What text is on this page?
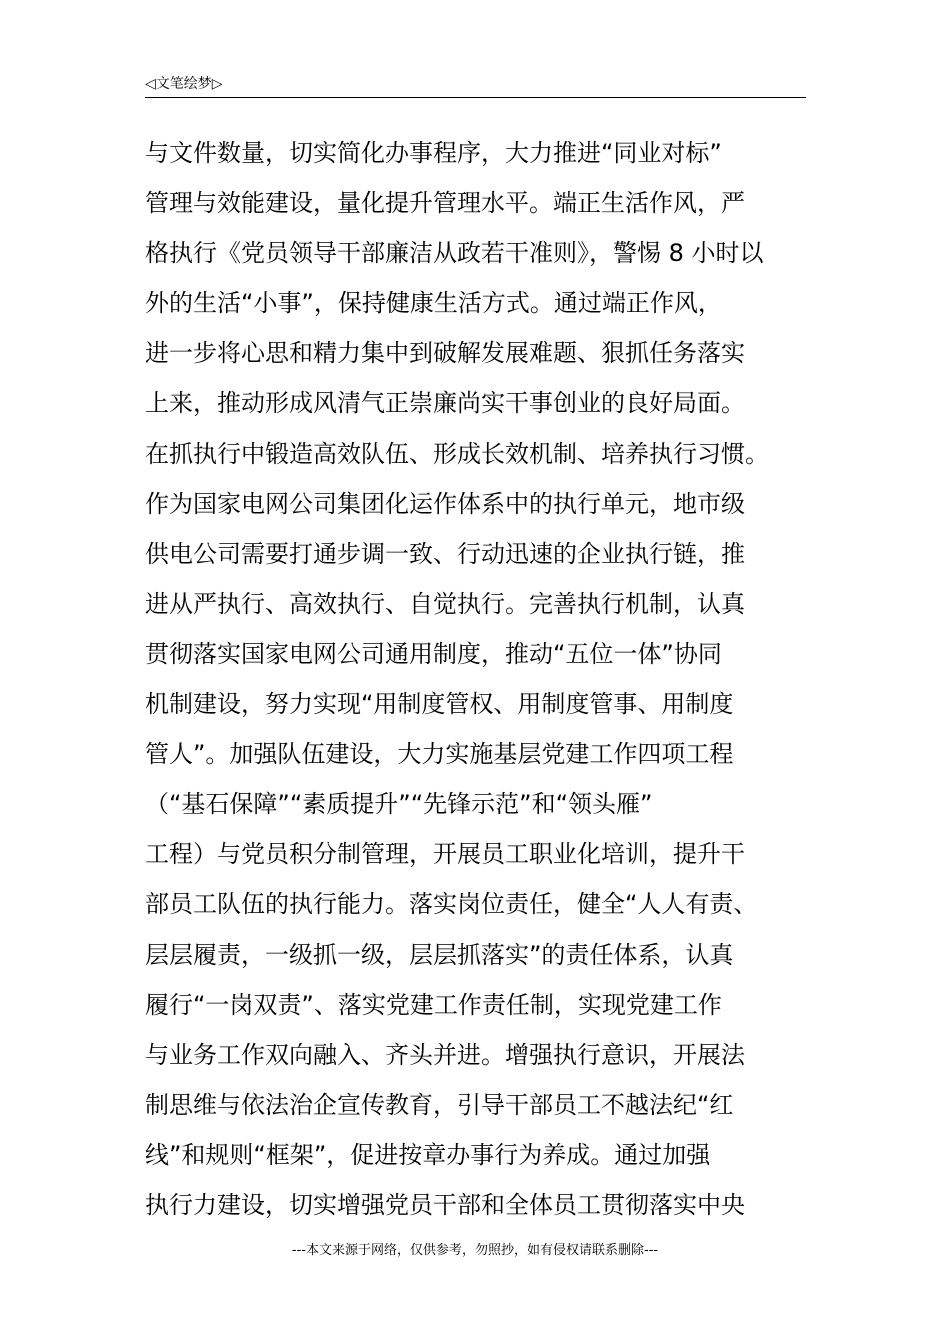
◁文笔绘梦▷
与文件数量，切实简化办事程序，大力推进“同业对标”
管理与效能建设，量化提升管理水平。端正生活作风，严
格执行《党员领导干部廉洁从政若干准则》，警惕 8 小时以
外的生活“小事”，保持健康生活方式。通过端正作风，
进一步将心思和精力集中到破解发展难题、狠抓任务落实
上来，推动形成风清气正崇廉尚实干事创业的良好局面。
在抓执行中锻造高效队伍、形成长效机制、培养执行习惯。
作为国家电网公司集团化运作体系中的执行单元，地市级
供电公司需要打通步调一致、行动迅速的企业执行链，推
进从严执行、高效执行、自觉执行。完善执行机制，认真
贯彻落实国家电网公司通用制度，推动“五位一体”协同
机制建设，努力实现“用制度管权、用制度管事、用制度
管人”。加强队伍建设，大力实施基层党建工作四项工程
（“基石保障”“素质提升”“先锋示范”和“领头雁”
工程）与党员积分制管理，开展员工职业化培训，提升干
部员工队伍的执行能力。落实岗位责任，健全“人人有责、
层层履责，一级抓一级，层层抓落实”的责任体系，认真
履行“一岗双责”、落实党建工作责任制，实现党建工作
与业务工作双向融入、齐头并进。增强执行意识，开展法
制思维与依法治企宣传教育，引导干部员工不越法纪“红
线”和规则“框架”，促进按章办事行为养成。通过加强
执行力建设，切实增强党员干部和全体员工贯彻落实中央
---本文来源于网络，仅供参考，勿照抄，如有侵权请联系删除---
